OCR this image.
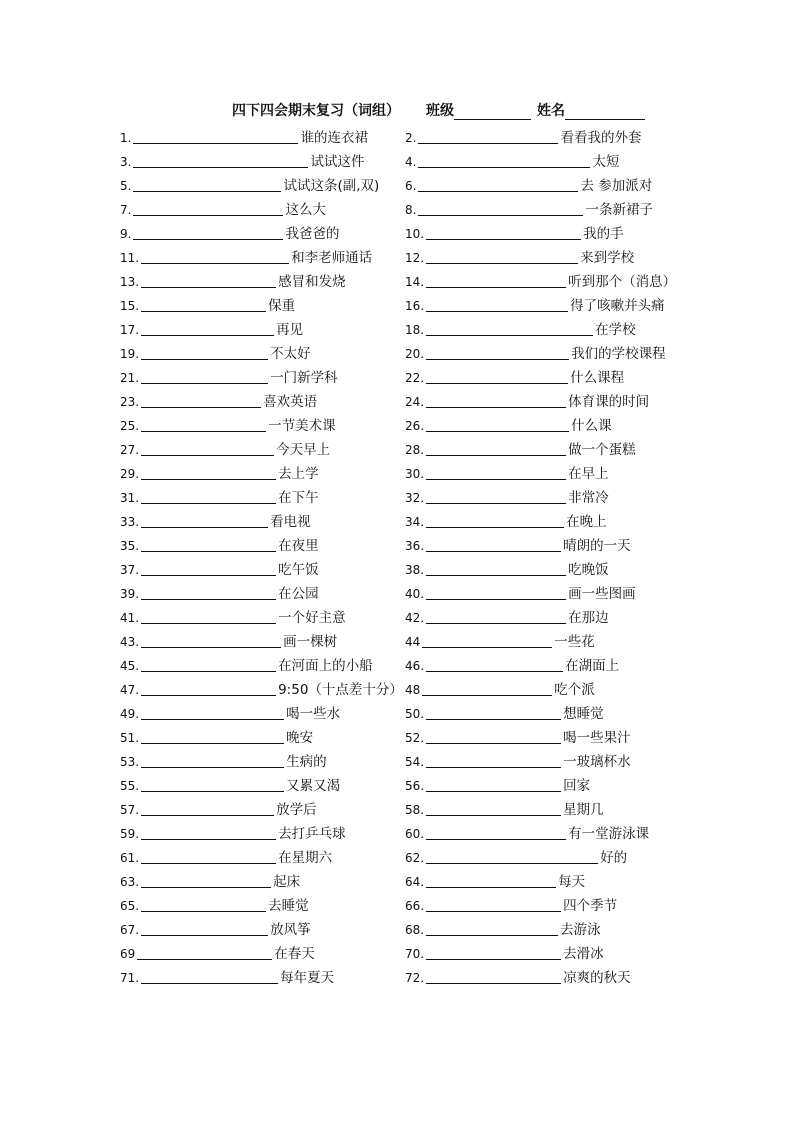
四下四会期末复习（词组） 班级	姓名
1.	谁的连衣裙	2.	看看我的外套
3.	试试这件	4.	太短
5.	试试这条(副,双) 6.	去 参加派对
7.	这么大	8.	一条新裙子
9.	我爸爸的	10.	我的手
11.	和李老师通话	12.	来到学校
13.	感冒和发烧	14.	听到那个（消息）
15.	保重	16.	得了咳嗽并头痛
17.	再见	18.	在学校
19.	不太好	20.	我们的学校课程
21.	一门新学科	22.	什么课程
23.	喜欢英语	24.	体育课的时间
25.	一节美术课	26.	什么课
27.	今天早上	28.	做一个蛋糕
29.	去上学	30.	在早上
31.	在下午	32.	非常冷
33.	看电视	34.	在晚上
35.	在夜里	36.	晴朗的一天
37.	吃午饭	38.	吃晚饭
39.	在公园	40.	画一些图画
41.	一个好主意	42.	在那边
43.	画一棵树	44	一些花
45.	在河面上的小船	46.	在湖面上
47.	9:50（十点差十分） 48	吃个派
49.	喝一些水	50.	想睡觉
51.	晚安	52.	喝一些果汁
53.	生病的	54.	一玻璃杯水
55.	又累又渴	56.	回家
57.	放学后	58.	星期几
59.	去打乒乓球	60.	有一堂游泳课
61.	在星期六	62.	好的
63.	起床	64.	每天
65.	去睡觉	66.	四个季节
67.	放风筝	68.	去游泳
69	在春天	70.	去滑冰
71.	每年夏天	72.	凉爽的秋天
